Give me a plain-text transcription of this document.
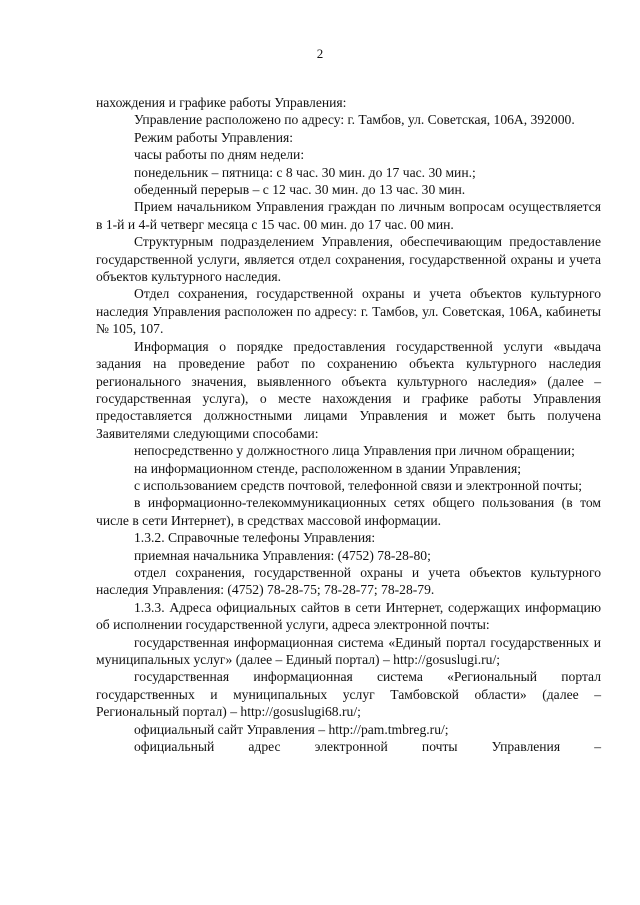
2

нахождения и графике работы Управления:

Управление расположено по адресу: г. Тамбов, ул. Советская, 106А, 392000.

Режим работы Управления:

часы работы по дням недели:

понедельник – пятница: с 8 час. 30 мин. до 17 час. 30 мин.;

обеденный перерыв – с 12 час. 30 мин. до 13 час. 30 мин.

Прием начальником Управления граждан по личным вопросам осуществляется в 1-й и 4-й четверг месяца с 15 час. 00 мин. до 17 час. 00 мин.

Структурным подразделением Управления, обеспечивающим предоставление государственной услуги, является отдел сохранения, государственной охраны и учета объектов культурного наследия.

Отдел сохранения, государственной охраны и учета объектов культурного наследия Управления расположен по адресу: г. Тамбов, ул. Советская, 106А, кабинеты № 105, 107.

Информация о порядке предоставления государственной услуги «выдача задания на проведение работ по сохранению объекта культурного наследия регионального значения, выявленного объекта культурного наследия» (далее – государственная услуга), о месте нахождения и графике работы Управления предоставляется должностными лицами Управления и может быть получена Заявителями следующими способами:

непосредственно у должностного лица Управления при личном обращении;

на информационном стенде, расположенном в здании Управления;

с использованием средств почтовой, телефонной связи и электронной почты;

в информационно-телекоммуникационных сетях общего пользования (в том числе в сети Интернет), в средствах массовой информации.

1.3.2. Справочные телефоны Управления:

приемная начальника Управления: (4752) 78-28-80;

отдел сохранения, государственной охраны и учета объектов культурного наследия Управления: (4752) 78-28-75; 78-28-77; 78-28-79.

1.3.3. Адреса официальных сайтов в сети Интернет, содержащих информацию об исполнении государственной услуги, адреса электронной почты:

государственная информационная система «Единый портал государственных и муниципальных услуг» (далее – Единый портал) – http://gosuslugi.ru/;

государственная информационная система «Региональный портал государственных и муниципальных услуг Тамбовской области» (далее – Региональный портал) – http://gosuslugi68.ru/;

официальный сайт Управления – http://pam.tmbreg.ru/;

официальный адрес электронной почты Управления –
